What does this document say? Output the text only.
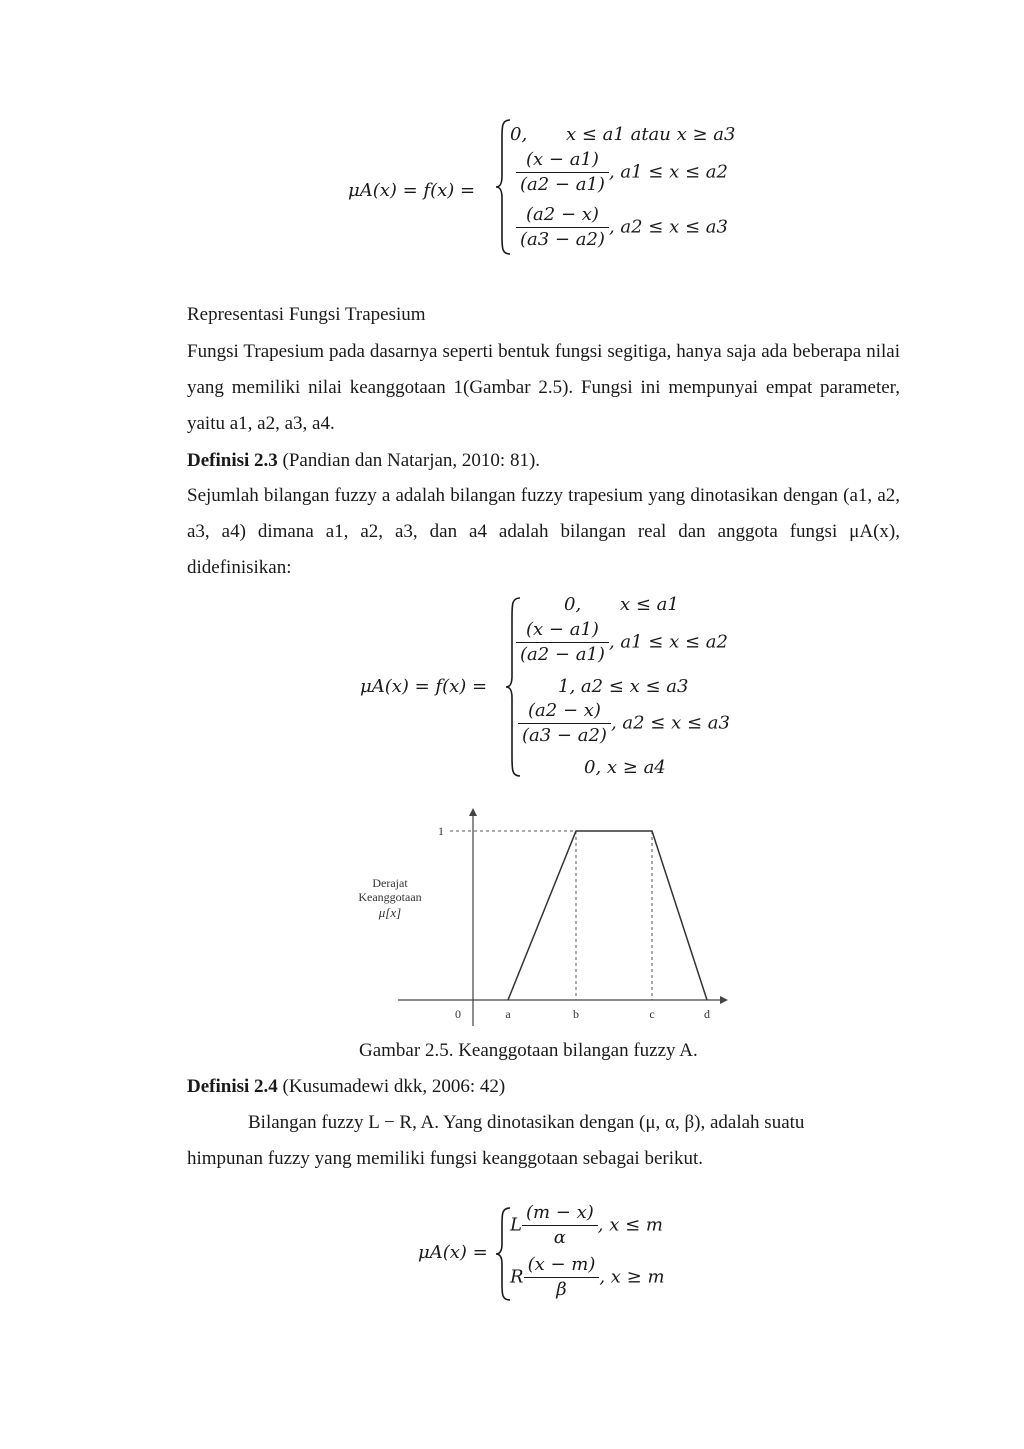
μA(x) = f(x) =
0, x ≤ a1 atau x ≥ a3
$\frac{(x - a1)}{(a2 - a1)}$ , a1 ≤ x ≤ a2
$\frac{(a2 - x)}{(a3 - a2)}$ , a2 ≤ x ≤ a3
Representasi Fungsi Trapesium
Fungsi Trapesium pada dasarnya seperti bentuk fungsi segitiga, hanya saja ada beberapa nilai yang memiliki nilai keanggotaan 1(Gambar 2.5). Fungsi ini mempunyai empat parameter, yaitu a1, a2, a3, a4.
Definisi 2.3 (Pandian dan Natarjan, 2010: 81).
Sejumlah bilangan fuzzy a adalah bilangan fuzzy trapesium yang dinotasikan dengan (a1, a2, a3, a4) dimana a1, a2, a3, dan a4 adalah bilangan real dan anggota fungsi μA(x), didefinisikan:
μA(x) = f(x) =
0, x ≤ a1
$\frac{(x - a1)}{(a2 - a1)}$ , a1 ≤ x ≤ a2
1, a2 ≤ x ≤ a3
$\frac{(a2 - x)}{(a3 - a2)}$ , a2 ≤ x ≤ a3
0, x ≥ a4
Derajat
Keanggotaan
μ[x]
1
0	a	b	c	d
Gambar 2.5. Keanggotaan bilangan fuzzy A.
Definisi 2.4 (Kusumadewi dkk, 2006: 42)
Bilangan fuzzy L − R, A. Yang dinotasikan dengan (μ, α, β), adalah suatu
himpunan fuzzy yang memiliki fungsi keanggotaan sebagai berikut.
μA(x) =
L $\frac{(m - x)}{\alpha}$ , x ≤ m
R $\frac{(x - m)}{\beta}$ , x ≥ m
